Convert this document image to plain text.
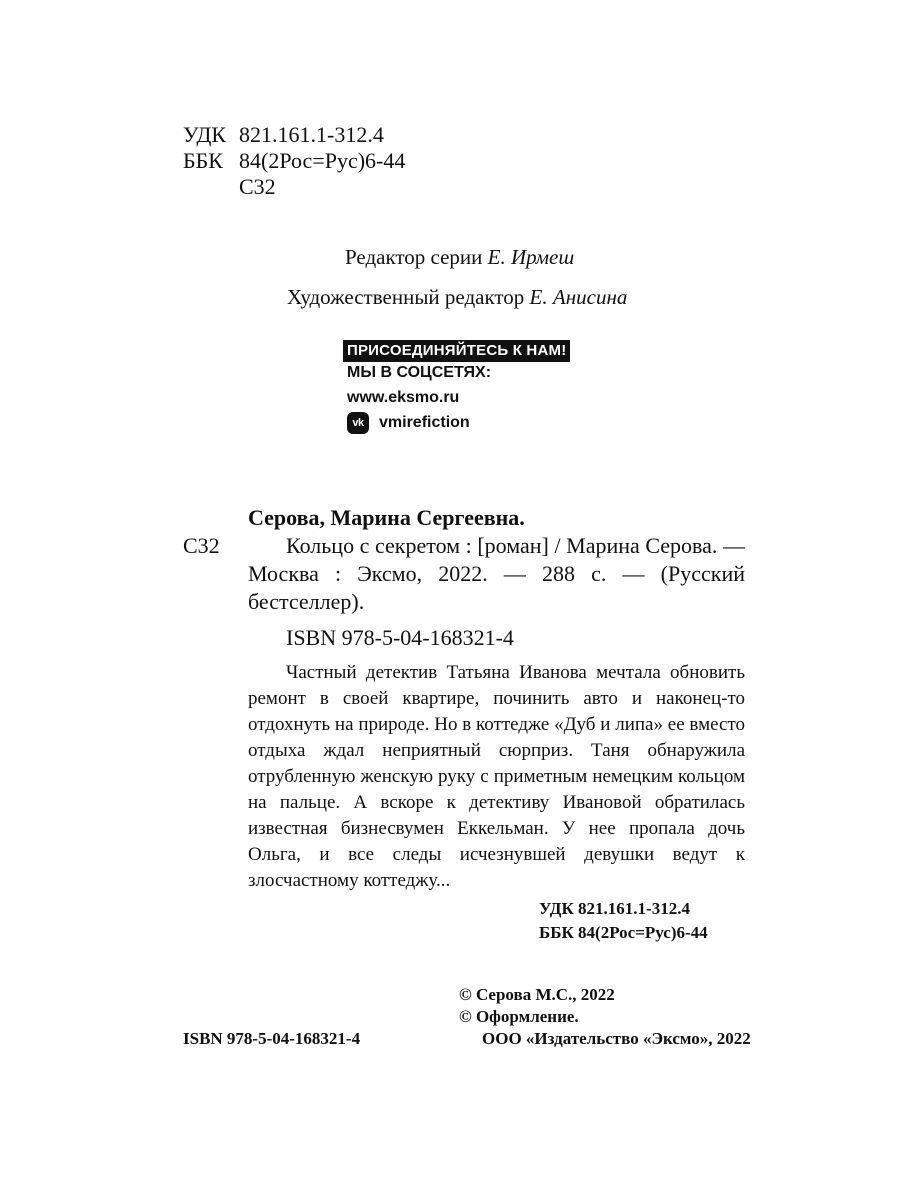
УДК 821.161.1-312.4
ББК 84(2Рос=Рус)6-44
С32
Редактор серии Е. Ирмеш
Художественный редактор Е. Анисина
ПРИСОЕДИНЯЙТЕСЬ К НАМ!
МЫ В СОЦСЕТЯХ:
www.eksmo.ru
vk vmirefiction
Серова, Марина Сергеевна.
С32	Кольцо с секретом : [роман] / Марина Серова. — Москва : Эксмо, 2022. — 288 с. — (Русский бестселлер).
ISBN 978-5-04-168321-4
Частный детектив Татьяна Иванова мечтала обновить ремонт в своей квартире, починить авто и наконец-то отдохнуть на природе. Но в коттедже «Дуб и липа» ее вместо отдыха ждал неприятный сюрприз. Таня обнаружила отрубленную женскую руку с приметным немецким кольцом на пальце. А вскоре к детективу Ивановой обратилась известная бизнесвумен Еккельман. У нее пропала дочь Ольга, и все следы исчезнувшей девушки ведут к злосчастному коттеджу...
УДК 821.161.1-312.4
ББК 84(2Рос=Рус)6-44
© Серова М.С., 2022
© Оформление.
ООО «Издательство «Эксмо», 2022
ISBN 978-5-04-168321-4
